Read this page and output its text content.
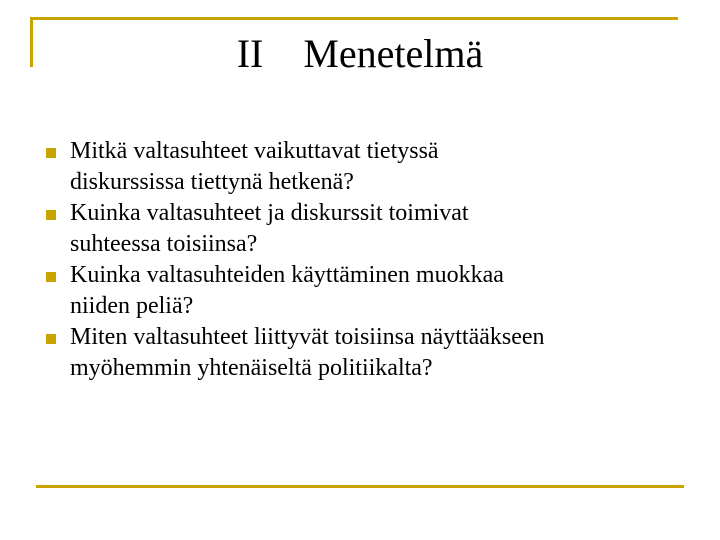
II    Menetelmä
Mitkä valtasuhteet vaikuttavat tietyssä
diskurssissa tiettynä hetkenä?
Kuinka valtasuhteet ja diskurssit toimivat
suhteessa toisiinsa?
Kuinka valtasuhteiden käyttäminen muokkaa
niiden peliä?
Miten valtasuhteet liittyvät toisiinsa näyttääkseen
myöhemmin yhtenäiseltä politiikalta?
